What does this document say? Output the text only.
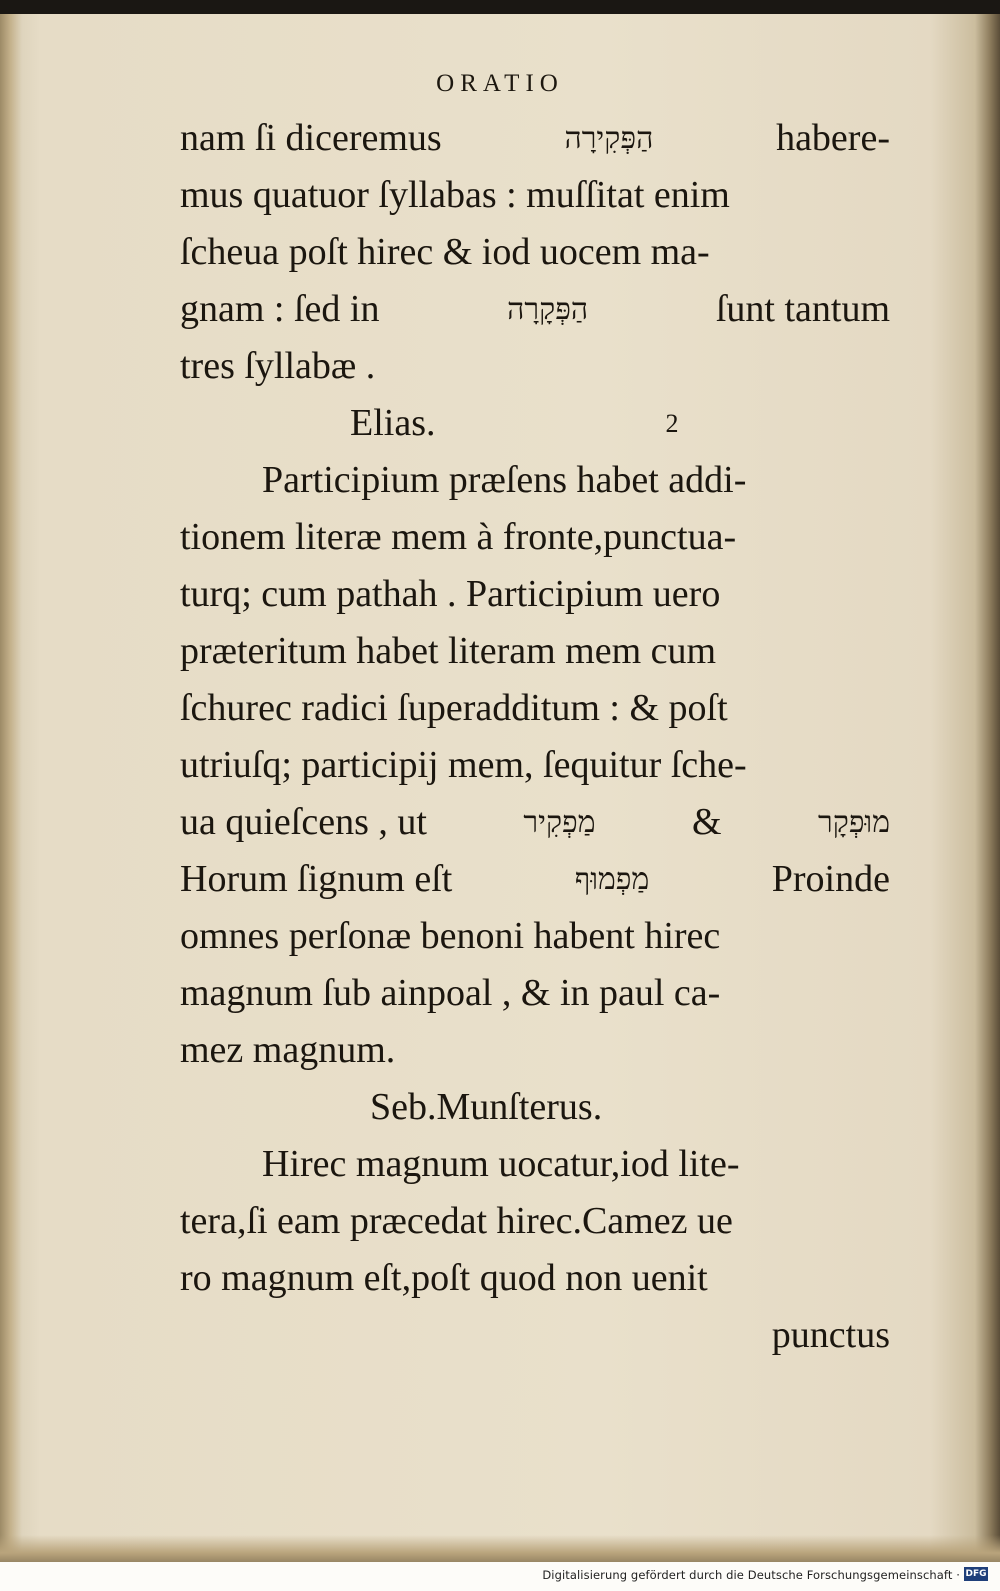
ORATIO
nam ſi diceremus	הַפְּקִירָה	habere-
mus quatuor ſyllabas : muſſitat enim
ſcheua poſt hirec & iod uocem ma-
gnam : ſed in	הַפְּקָרָה	ſunt tantum
tres ſyllabæ .
Elias.	2
Participium præſens habet addi-
tionem literæ mem à fronte,punctua-
turq; cum pathah . Participium uero
præteritum habet literam mem cum
ſchurec radici ſuperadditum : & poſt
utriuſq; participij mem, ſequitur ſche-
ua quieſcens , ut	מַפְקִיר	&	מוּפְקָר
Horum ſignum eſt	מַפְמוּף	Proinde
omnes perſonæ benoni habent hirec
magnum ſub ainpoal , & in paul ca-
mez magnum.
Seb.Munſterus.
Hirec magnum uocatur,iod lite-
tera,ſi eam præcedat hirec.Camez ue
ro magnum eſt,poſt quod non uenit
punctus
Digitalisierung gefördert durch die Deutsche Forschungsgemeinschaft · DFG
